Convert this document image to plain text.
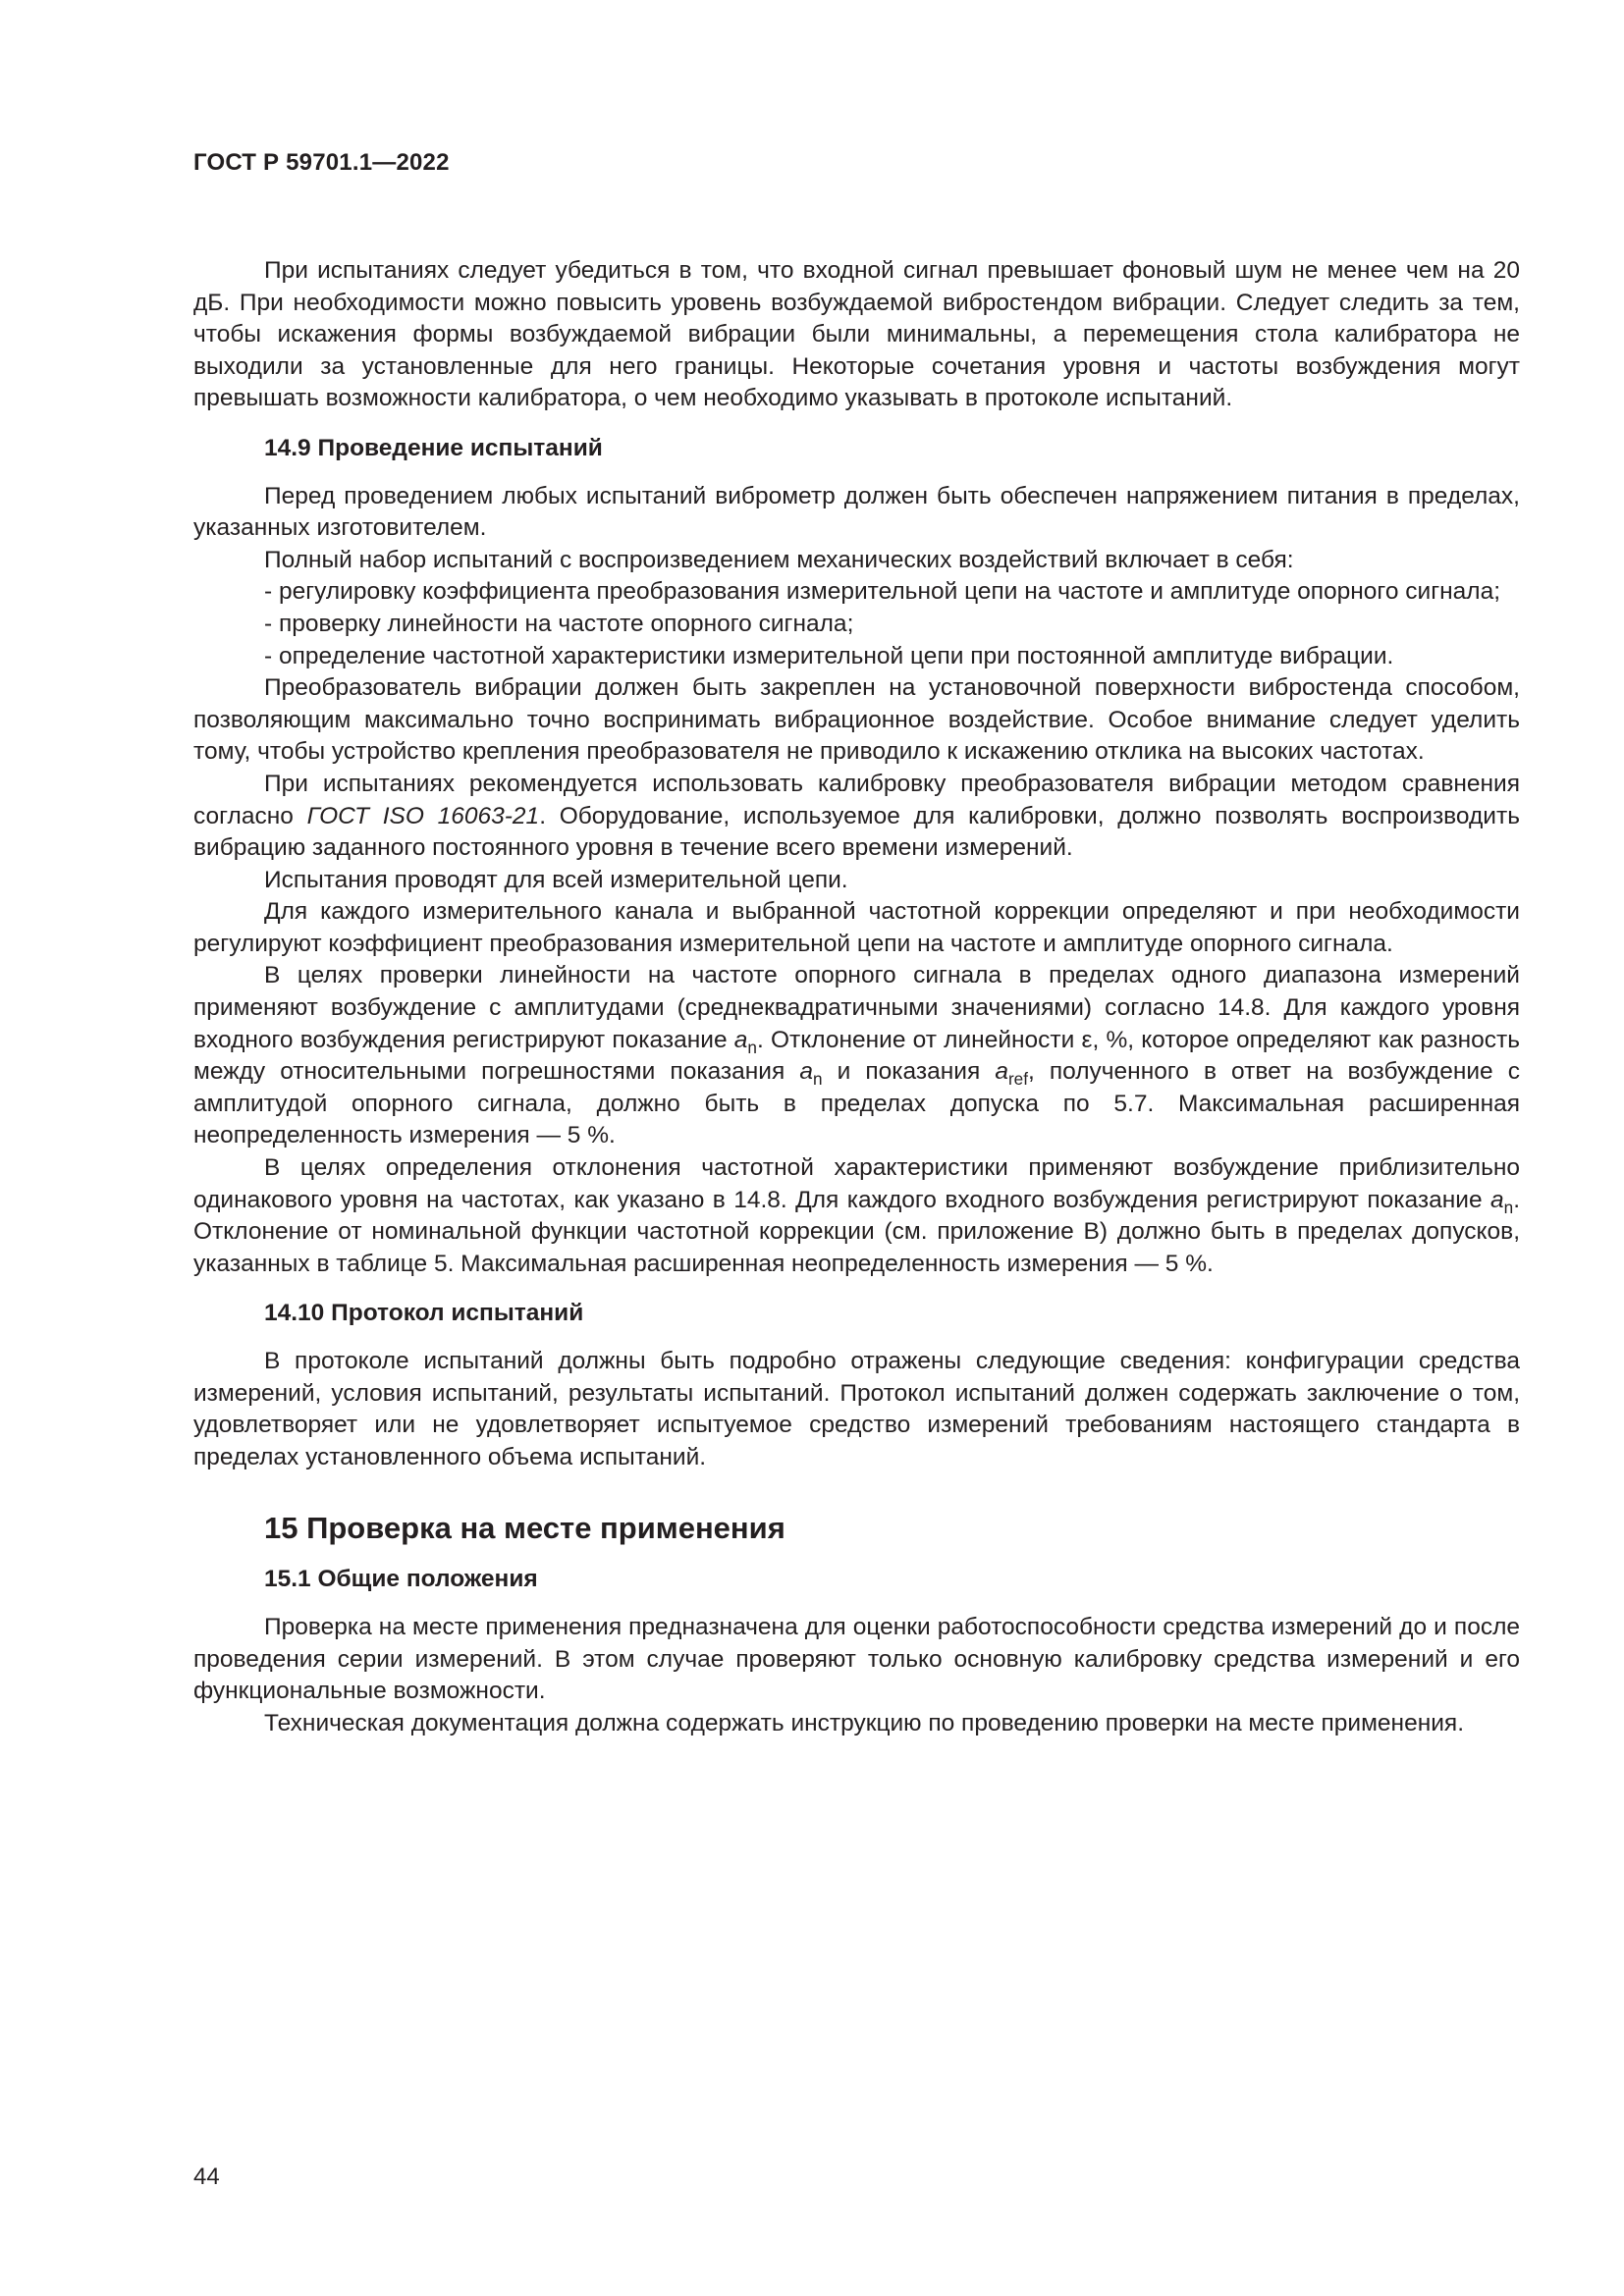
ГОСТ Р 59701.1—2022

При испытаниях следует убедиться в том, что входной сигнал превышает фоновый шум не менее чем на 20 дБ. При необходимости можно повысить уровень возбуждаемой вибростендом вибрации. Следует следить за тем, чтобы искажения формы возбуждаемой вибрации были минимальны, а перемещения стола калибратора не выходили за установленные для него границы. Некоторые сочетания уровня и частоты возбуждения могут превышать возможности калибратора, о чем необходимо указывать в протоколе испытаний.

14.9 Проведение испытаний

Перед проведением любых испытаний виброметр должен быть обеспечен напряжением питания в пределах, указанных изготовителем.

Полный набор испытаний с воспроизведением механических воздействий включает в себя:

- регулировку коэффициента преобразования измерительной цепи на частоте и амплитуде опорного сигнала;

- проверку линейности на частоте опорного сигнала;

- определение частотной характеристики измерительной цепи при постоянной амплитуде вибрации.

Преобразователь вибрации должен быть закреплен на установочной поверхности вибростенда способом, позволяющим максимально точно воспринимать вибрационное воздействие. Особое внимание следует уделить тому, чтобы устройство крепления преобразователя не приводило к искажению отклика на высоких частотах.

При испытаниях рекомендуется использовать калибровку преобразователя вибрации методом сравнения согласно ГОСТ ISO 16063-21. Оборудование, используемое для калибровки, должно позволять воспроизводить вибрацию заданного постоянного уровня в течение всего времени измерений.

Испытания проводят для всей измерительной цепи.

Для каждого измерительного канала и выбранной частотной коррекции определяют и при необходимости регулируют коэффициент преобразования измерительной цепи на частоте и амплитуде опорного сигнала.

В целях проверки линейности на частоте опорного сигнала в пределах одного диапазона измерений применяют возбуждение с амплитудами (среднеквадратичными значениями) согласно 14.8. Для каждого уровня входного возбуждения регистрируют показание $a_n$. Отклонение от линейности ε, %, которое определяют как разность между относительными погрешностями показания $a_n$ и показания $a_{ref}$, полученного в ответ на возбуждение с амплитудой опорного сигнала, должно быть в пределах допуска по 5.7. Максимальная расширенная неопределенность измерения — 5 %.

В целях определения отклонения частотной характеристики применяют возбуждение приблизительно одинакового уровня на частотах, как указано в 14.8. Для каждого входного возбуждения регистрируют показание $a_n$. Отклонение от номинальной функции частотной коррекции (см. приложение В) должно быть в пределах допусков, указанных в таблице 5. Максимальная расширенная неопределенность измерения — 5 %.

14.10 Протокол испытаний

В протоколе испытаний должны быть подробно отражены следующие сведения: конфигурации средства измерений, условия испытаний, результаты испытаний. Протокол испытаний должен содержать заключение о том, удовлетворяет или не удовлетворяет испытуемое средство измерений требованиям настоящего стандарта в пределах установленного объема испытаний.

15 Проверка на месте применения
15.1 Общие положения

Проверка на месте применения предназначена для оценки работоспособности средства измерений до и после проведения серии измерений. В этом случае проверяют только основную калибровку средства измерений и его функциональные возможности.

Техническая документация должна содержать инструкцию по проведению проверки на месте применения.

44
